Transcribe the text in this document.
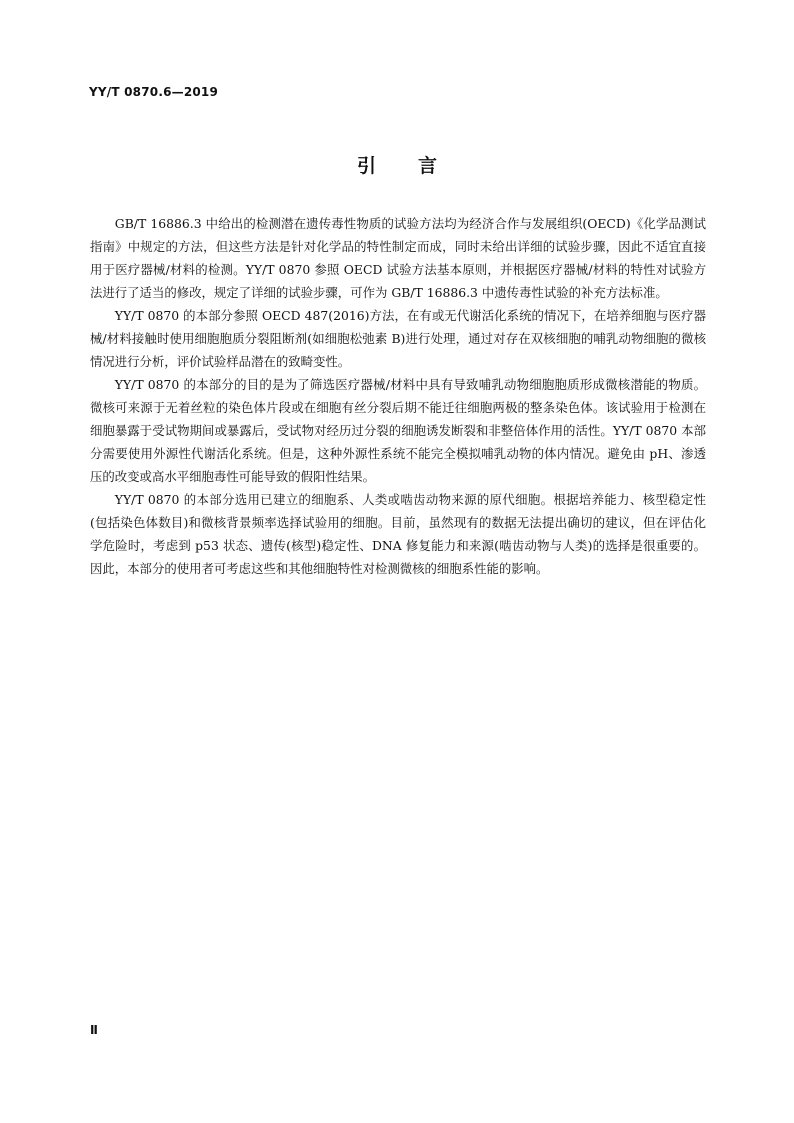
YY/T 0870.6—2019
引言

GB/T 16886.3 中给出的检测潜在遗传毒性物质的试验方法均为经济合作与发展组织(OECD)《化学品测试指南》中规定的方法，但这些方法是针对化学品的特性制定而成，同时未给出详细的试验步骤，因此不适宜直接用于医疗器械/材料的检测。YY/T 0870 参照 OECD 试验方法基本原则，并根据医疗器械/材料的特性对试验方法进行了适当的修改，规定了详细的试验步骤，可作为 GB/T 16886.3 中遗传毒性试验的补充方法标准。

YY/T 0870 的本部分参照 OECD 487(2016)方法，在有或无代谢活化系统的情况下，在培养细胞与医疗器械/材料接触时使用细胞胞质分裂阻断剂(如细胞松弛素 B)进行处理，通过对存在双核细胞的哺乳动物细胞的微核情况进行分析，评价试验样品潜在的致畸变性。

YY/T 0870 的本部分的目的是为了筛选医疗器械/材料中具有导致哺乳动物细胞胞质形成微核潜能的物质。微核可来源于无着丝粒的染色体片段或在细胞有丝分裂后期不能迁往细胞两极的整条染色体。该试验用于检测在细胞暴露于受试物期间或暴露后，受试物对经历过分裂的细胞诱发断裂和非整倍体作用的活性。YY/T 0870 本部分需要使用外源性代谢活化系统。但是，这种外源性系统不能完全模拟哺乳动物的体内情况。避免由 pH、渗透压的改变或高水平细胞毒性可能导致的假阳性结果。

YY/T 0870 的本部分选用已建立的细胞系、人类或啮齿动物来源的原代细胞。根据培养能力、核型稳定性(包括染色体数目)和微核背景频率选择试验用的细胞。目前，虽然现有的数据无法提出确切的建议，但在评估化学危险时，考虑到 p53 状态、遗传(核型)稳定性、DNA 修复能力和来源(啮齿动物与人类)的选择是很重要的。因此，本部分的使用者可考虑这些和其他细胞特性对检测微核的细胞系性能的影响。

Ⅱ
